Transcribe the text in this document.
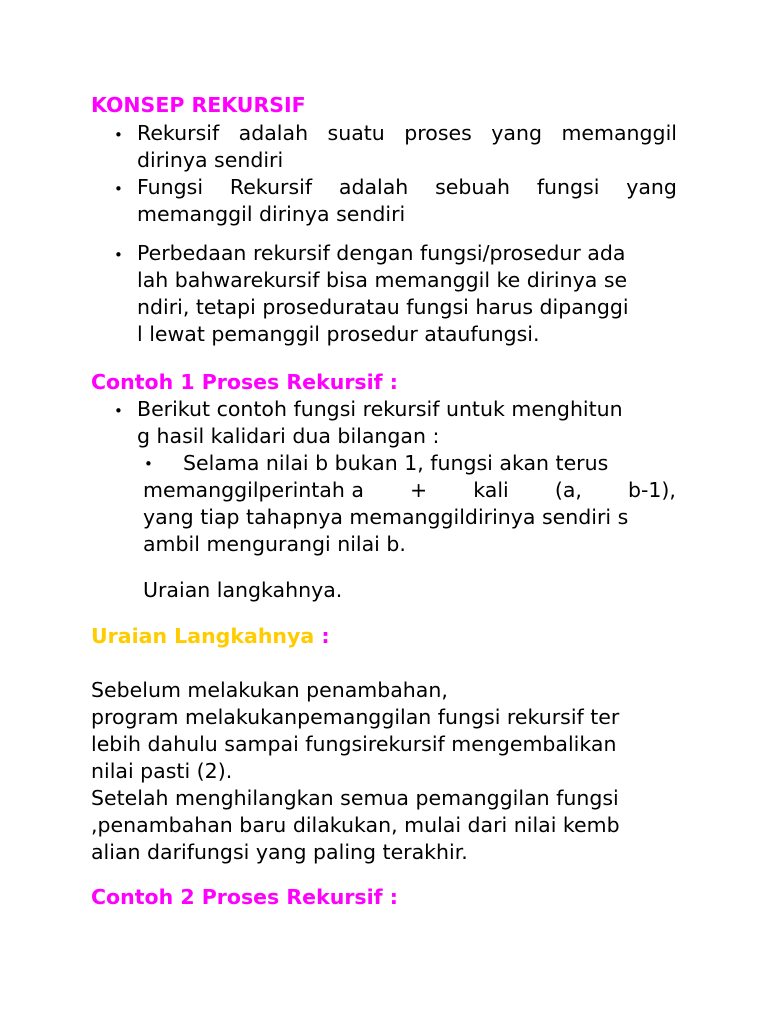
KONSEP REKURSIF
• Rekursif adalah suatu proses yang memanggil
dirinya sendiri
• Fungsi Rekursif adalah sebuah fungsi yang
memanggil dirinya sendiri
• Perbedaan rekursif dengan fungsi/prosedur ada
lah bahwarekursif bisa memanggil ke dirinya se
ndiri, tetapi proseduratau fungsi harus dipanggi
l lewat pemanggil prosedur ataufungsi.
Contoh 1 Proses Rekursif :
• Berikut contoh fungsi rekursif untuk menghitun
g hasil kalidari dua bilangan :
•	Selama nilai b bukan 1, fungsi akan terus
memanggilperintah a + kali (a, b-1),
yang tiap tahapnya memanggildirinya sendiri s
ambil mengurangi nilai b.
Uraian langkahnya.
Uraian Langkahnya :
Sebelum melakukan penambahan,
program melakukanpemanggilan fungsi rekursif ter
lebih dahulu sampai fungsirekursif mengembalikan
nilai pasti (2).
Setelah menghilangkan semua pemanggilan fungsi
,penambahan baru dilakukan, mulai dari nilai kemb
alian darifungsi yang paling terakhir.
Contoh 2 Proses Rekursif :
